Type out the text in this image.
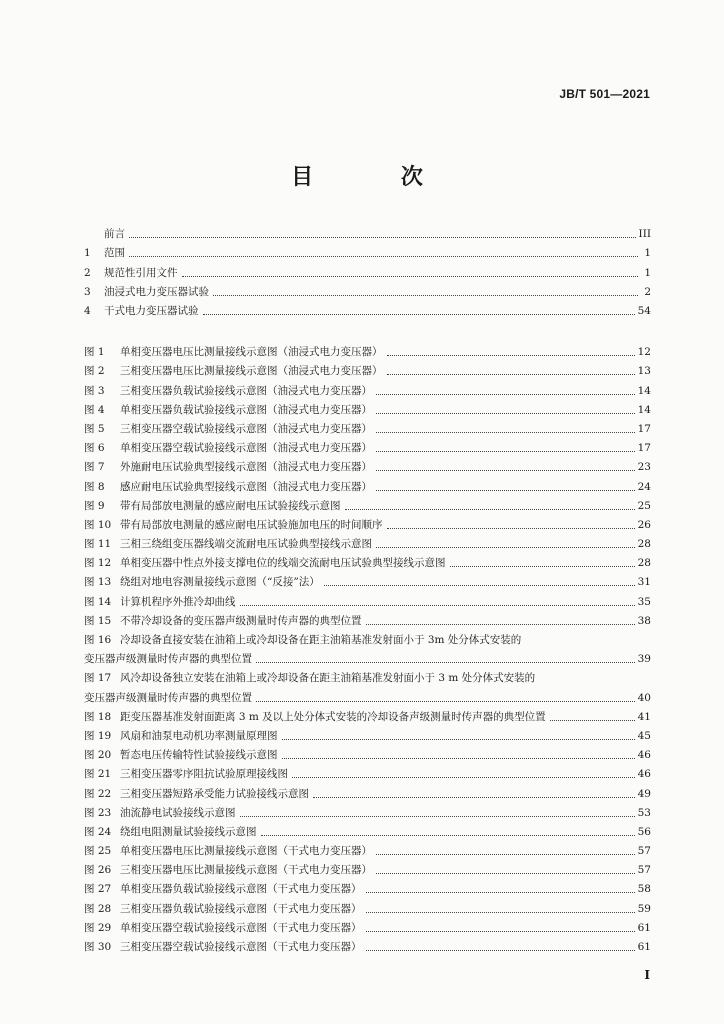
JB/T 501—2021
目 次
前言	III
1	范围	1
2	规范性引用文件	1
3	油浸式电力变压器试验	2
4	干式电力变压器试验	54
图 1	单相变压器电压比测量接线示意图（油浸式电力变压器）	12
图 2	三相变压器电压比测量接线示意图（油浸式电力变压器）	13
图 3	三相变压器负载试验接线示意图（油浸式电力变压器）	14
图 4	单相变压器负载试验接线示意图（油浸式电力变压器）	14
图 5	三相变压器空载试验接线示意图（油浸式电力变压器）	17
图 6	单相变压器空载试验接线示意图（油浸式电力变压器）	17
图 7	外施耐电压试验典型接线示意图（油浸式电力变压器）	23
图 8	感应耐电压试验典型接线示意图（油浸式电力变压器）	24
图 9	带有局部放电测量的感应耐电压试验接线示意图	25
图 10 带有局部放电测量的感应耐电压试验施加电压的时间顺序	26
图 11 三相三绕组变压器线端交流耐电压试验典型接线示意图	28
图 12 单相变压器中性点外接支撑电位的线端交流耐电压试验典型接线示意图	28
图 13 绕组对地电容测量接线示意图（“反接”法）	31
图 14 计算机程序外推冷却曲线	35
图 15 不带冷却设备的变压器声级测量时传声器的典型位置	38
图 16 冷却设备直接安装在油箱上或冷却设备在距主油箱基准发射面小于 3m 处分体式安装的
变压器声级测量时传声器的典型位置	39
图 17 风冷却设备独立安装在油箱上或冷却设备在距主油箱基准发射面小于 3 m 处分体式安装的
变压器声级测量时传声器的典型位置	40
图 18 距变压器基准发射面距离 3 m 及以上处分体式安装的冷却设备声级测量时传声器的典型位置	41
图 19 风扇和油泵电动机功率测量原理图	45
图 20 暂态电压传输特性试验接线示意图	46
图 21 三相变压器零序阻抗试验原理接线图	46
图 22 三相变压器短路承受能力试验接线示意图	49
图 23 油流静电试验接线示意图	53
图 24 绕组电阻测量试验接线示意图	56
图 25 单相变压器电压比测量接线示意图（干式电力变压器）	57
图 26 三相变压器电压比测量接线示意图（干式电力变压器）	57
图 27 单相变压器负载试验接线示意图（干式电力变压器）	58
图 28 三相变压器负载试验接线示意图（干式电力变压器）	59
图 29 单相变压器空载试验接线示意图（干式电力变压器）	61
图 30 三相变压器空载试验接线示意图（干式电力变压器）	61
I
